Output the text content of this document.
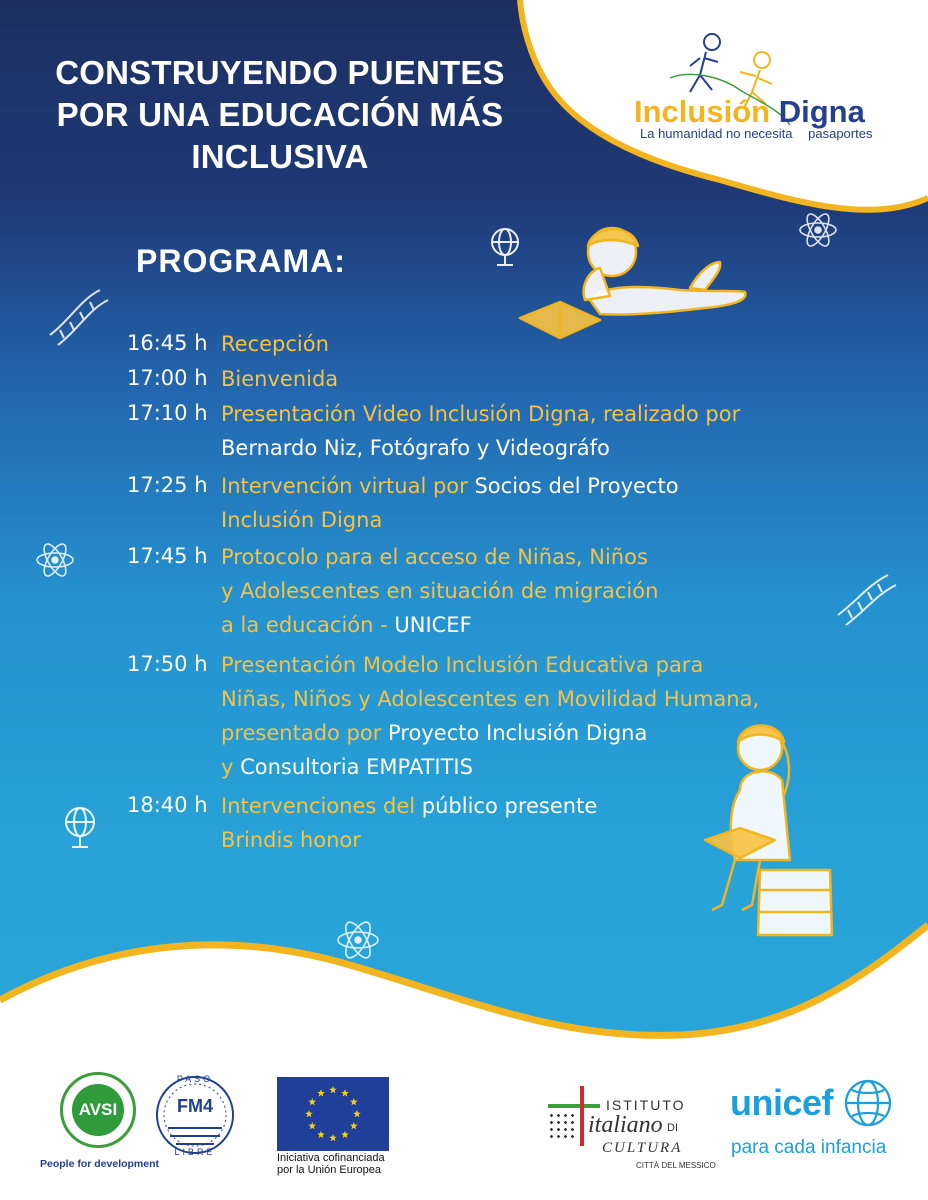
CONSTRUYENDO PUENTES
POR UNA EDUCACIÓN MÁS
INCLUSIVA
Inclusión Digna
La humanidad no necesita pasaportes
PROGRAMA:
16:45 h Recepción
17:00 h Bienvenida
17:10 h Presentación Video Inclusión Digna, realizado por
Bernardo Niz, Fotógrafo y Videográfo
17:25 h Intervención virtual por Socios del Proyecto
Inclusión Digna
17:45 h Protocolo para el acceso de Niñas, Niños
y Adolescentes en situación de migración
a la educación - UNICEF
17:50 h Presentación Modelo Inclusión Educativa para
Niñas, Niños y Adolescentes en Movilidad Humana,
presentado por Proyecto Inclusión Digna
y Consultoria EMPATITIS
18:40 h Intervenciones del público presente
Brindis honor
AVSI
People for development
PASO
FM4
LIBRE	Iniciativa cofinanciada
por la Unión Europea
ISTITUTO
italiano DI
CULTURA
CITTÀ DEL MESSICO
unicef
para cada infancia
